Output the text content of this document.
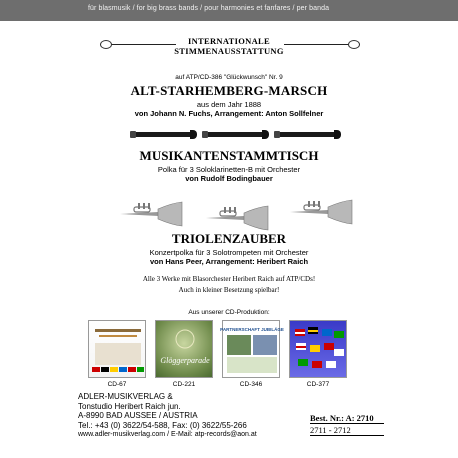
für blasmusik / for big brass bands / pour harmonies et fanfares / per banda
INTERNATIONALE
STIMMENAUSSTATTUNG
auf ATP/CD-386 "Glückwunsch" Nr. 9
ALT-STARHEMBERG-MARSCH
aus dem Jahr 1888
von Johann N. Fuchs, Arrangement: Anton Sollfelner
MUSIKANTENSTAMMTISCH
Polka für 3 Soloklarinetten-B mit Orchester
von Rudolf Bodingbauer
TRIOLENZAUBER
Konzertpolka für 3 Solotrompeten mit Orchester
von Hans Peer, Arrangement: Heribert Raich
Alle 3 Werke mit Blasorchester Heribert Raich auf ATP/CDs!
Auch in kleiner Besetzung spielbar!
Aus unserer CD-Produktion:
Glöggerparade
PARTNERSCHAFT JUBILÄGE
CD-67	CD-221	CD-346	CD-377
ADLER-MUSIKVERLAG &
Tonstudio Heribert Raich jun.
A-8990 BAD AUSSEE / AUSTRIA
Tel.: +43 (0) 3622/54-588, Fax: (0) 3622/55-266
www.adler-musikverlag.com / E-Mail: atp-records@aon.at
Best. Nr.: A: 2710
2711 - 2712
